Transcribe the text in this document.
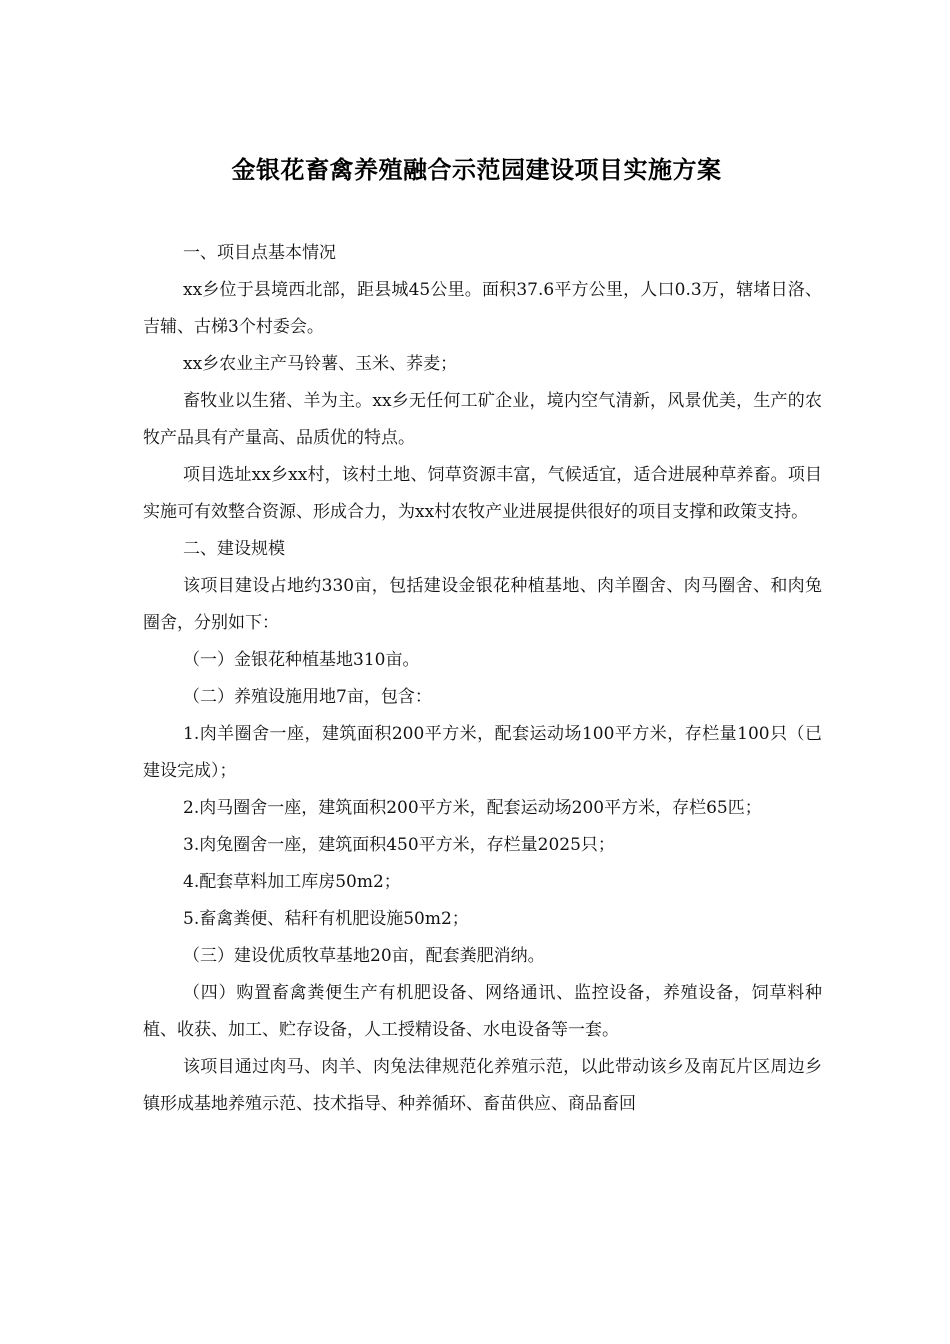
金银花畜禽养殖融合示范园建设项目实施方案

一、项目点基本情况

xx乡位于县境西北部，距县城45公里。面积37.6平方公里，人口0.3万，辖堵日洛、吉辅、古梯3个村委会。

xx乡农业主产马铃薯、玉米、荞麦；

畜牧业以生猪、羊为主。xx乡无任何工矿企业，境内空气清新，风景优美，生产的农牧产品具有产量高、品质优的特点。

项目选址xx乡xx村，该村土地、饲草资源丰富，气候适宜，适合进展种草养畜。项目实施可有效整合资源、形成合力，为xx村农牧产业进展提供很好的项目支撑和政策支持。

二、建设规模

该项目建设占地约330亩，包括建设金银花种植基地、肉羊圈舍、肉马圈舍、和肉兔圈舍，分别如下：

（一）金银花种植基地310亩。

（二）养殖设施用地7亩，包含：

1.肉羊圈舍一座，建筑面积200平方米，配套运动场100平方米，存栏量100只（已建设完成）；

2.肉马圈舍一座，建筑面积200平方米，配套运动场200平方米，存栏65匹；

3.肉兔圈舍一座，建筑面积450平方米，存栏量2025只；

4.配套草料加工库房50m2；

5.畜禽粪便、秸秆有机肥设施50m2；

（三）建设优质牧草基地20亩，配套粪肥消纳。

（四）购置畜禽粪便生产有机肥设备、网络通讯、监控设备，养殖设备，饲草料种植、收获、加工、贮存设备，人工授精设备、水电设备等一套。

该项目通过肉马、肉羊、肉兔法律规范化养殖示范，以此带动该乡及南瓦片区周边乡镇形成基地养殖示范、技术指导、种养循环、畜苗供应、商品畜回
